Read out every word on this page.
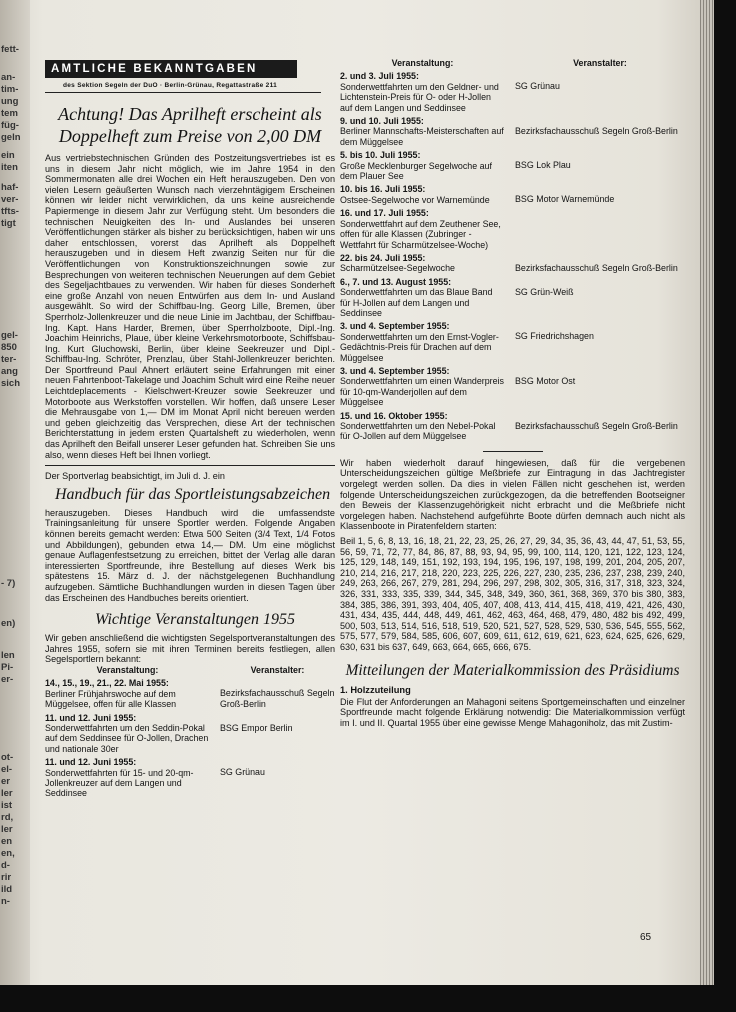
fett-
an-
tim-
ung
tem
füg-
geln
ein
iten
haf-
ver-
tfts-
tigt
gel-
850
ter-
ang
sich
- 7)
en)
len
Pi-
er-
ot-
el-
er
ler
ist
rd,
ler
en
en,
d-
rir
ild
n-
AMTLICHE BEKANNTGABEN
des Sektion Segeln der DuO · Berlin-Grünau, Regattastraße 211
Achtung! Das Aprilheft erscheint als Doppelheft zum Preise von 2,00 DM

Aus vertriebstechnischen Gründen des Postzeitungsvertriebes ist es uns in diesem Jahr nicht möglich, wie im Jahre 1954 in den Sommermonaten alle drei Wochen ein Heft herauszugeben. Den von vielen Lesern geäußerten Wunsch nach vierzehntägigem Erscheinen können wir leider nicht verwirklichen, da uns keine ausreichende Papiermenge in diesem Jahr zur Verfügung steht. Um besonders die technischen Neuigkeiten des In- und Auslandes bei unseren Veröffentlichungen stärker als bisher zu berücksichtigen, haben wir uns daher entschlossen, vorerst das Aprilheft als Doppelheft herauszugeben und in diesem Heft zwanzig Seiten nur für die Veröffentlichungen von Konstruktionszeichnungen sowie zur Besprechungen von weiteren technischen Neuerungen auf dem Gebiet des Segeljachtbaues zu verwenden. Wir haben für dieses Sonderheft eine große Anzahl von neuen Entwürfen aus dem In- und Ausland ausgewählt. So wird der Schiffbau-Ing. Georg Lille, Bremen, über Sperrholz-Jollenkreuzer und die neue Linie im Jachtbau, der Schiffbau-Ing. Kapt. Hans Harder, Bremen, über Sperrholzboote, Dipl.-Ing. Joachim Heinrichs, Plaue, über kleine Verkehrsmotorboote, Schiffsbau-Ing. Kurt Gluchowski, Berlin, über kleine Seekreuzer und Dipl.-Schiffbau-Ing. Schröter, Prenzlau, über Stahl-Jollenkreuzer berichten. Der Sportfreund Paul Ahnert erläutert seine Erfahrungen mit einer neuen Fahrtenboot-Takelage und Joachim Schult wird eine Reihe neuer Leichtdeplacements - Kielschwert-Kreuzer sowie Seekreuzer und Motorboote aus Werkstoffen vorstellen. Wir hoffen, daß unsere Leser die Mehrausgabe von 1,— DM im Monat April nicht bereuen werden und geben gleichzeitig das Versprechen, diese Art der technischen Berichterstattung in jedem ersten Quartalsheft zu wiederholen, wenn das Aprilheft den Beifall unserer Leser gefunden hat. Schreiben Sie uns also, wenn dieses Heft bei Ihnen vorliegt.

Der Sportverlag beabsichtigt, im Juli d. J. ein

Handbuch für das Sportleistungsabzeichen

herauszugeben. Dieses Handbuch wird die umfassendste Trainingsanleitung für unsere Sportler werden. Folgende Angaben können bereits gemacht werden: Etwa 500 Seiten (3/4 Text, 1/4 Fotos und Abbildungen), gebunden etwa 14,— DM. Um eine möglichst genaue Auflagenfestsetzung zu erreichen, bittet der Verlag alle daran interessierten Sportfreunde, ihre Bestellung auf dieses Werk bis spätestens 15. März d. J. der nächstgelegenen Buchhandlung aufzugeben. Sämtliche Buchhandlungen wurden in diesen Tagen über das Erscheinen des Handbuches bereits orientiert.

Wichtige Veranstaltungen 1955

Wir geben anschließend die wichtigsten Segelsportveranstaltungen des Jahres 1955, sofern sie mit ihren Terminen bereits festliegen, allen Segelsportlern bekannt:

Veranstaltung:	Veranstalter:
14., 15., 19., 21., 22. Mai 1955:
Berliner Frühjahrswoche auf dem Müggelsee, offen für alle Klassen	Bezirksfachausschuß Segeln Groß-Berlin
11. und 12. Juni 1955:
Sonderwettfahrten um den Seddin-Pokal auf dem Seddinsee für O-Jollen, Drachen und nationale 30er	BSG Empor Berlin
11. und 12. Juni 1955:
Sonderwettfahrten für 15- und 20-qm-Jollenkreuzer auf dem Langen und Seddinsee	SG Grünau
Veranstaltung:	Veranstalter:
2. und 3. Juli 1955:
Sonderwettfahrten um den Geldner- und Lichtenstein-Preis für O- oder H-Jollen auf dem Langen und Seddinsee	SG Grünau
9. und 10. Juli 1955:
Berliner Mannschafts-Meisterschaften auf dem Müggelsee	Bezirksfachausschuß Segeln Groß-Berlin
5. bis 10. Juli 1955:
Große Mecklenburger Segelwoche auf dem Plauer See	BSG Lok Plau
10. bis 16. Juli 1955:
Ostsee-Segelwoche vor Warnemünde	BSG Motor Warnemünde
16. und 17. Juli 1955:
Sonderwettfahrt auf dem Zeuthener See, offen für alle Klassen (Zubringer - Wettfahrt für Scharmützelsee-Woche)	

22. bis 24. Juli 1955:
Scharmützelsee-Segelwoche	Bezirksfachausschuß Segeln Groß-Berlin
6., 7. und 13. August 1955:
Sonderwettfahrten um das Blaue Band für H-Jollen auf dem Langen und Seddinsee	SG Grün-Weiß
3. und 4. September 1955:
Sonderwettfahrten um den Ernst-Vogler-Gedächtnis-Preis für Drachen auf dem Müggelsee	SG Friedrichshagen
3. und 4. September 1955:
Sonderwettfahrten um einen Wanderpreis für 10-qm-Wanderjollen auf dem Müggelsee	BSG Motor Ost
15. und 16. Oktober 1955:
Sonderwettfahrten um den Nebel-Pokal für O-Jollen auf dem Müggelsee	Bezirksfachausschuß Segeln Groß-Berlin

Wir haben wiederholt darauf hingewiesen, daß für die vergebenen Unterscheidungszeichen gültige Meßbriefe zur Eintragung in das Jachtregister vorgelegt werden sollen. Da dies in vielen Fällen nicht geschehen ist, werden folgende Unterscheidungszeichen zurückgezogen, da die betreffenden Bootseigner den Beweis der Klassenzugehörigkeit nicht erbracht und die Meßbriefe nicht vorgelegen haben. Nachstehend aufgeführte Boote dürfen demnach auch nicht als Klassenboote in Piratenfeldern starten:

Beil 1, 5, 6, 8, 13, 16, 18, 21, 22, 23, 25, 26, 27, 29, 34, 35, 36, 43, 44, 47, 51, 53, 55, 56, 59, 71, 72, 77, 84, 86, 87, 88, 93, 94, 95, 99, 100, 114, 120, 121, 122, 123, 124, 125, 129, 148, 149, 151, 192, 193, 194, 195, 196, 197, 198, 199, 201, 204, 205, 207, 210, 214, 216, 217, 218, 220, 223, 225, 226, 227, 230, 235, 236, 237, 238, 239, 240, 249, 263, 266, 267, 279, 281, 294, 296, 297, 298, 302, 305, 316, 317, 318, 323, 324, 326, 331, 333, 335, 339, 344, 345, 348, 349, 360, 361, 368, 369, 370 bis 380, 383, 384, 385, 386, 391, 393, 404, 405, 407, 408, 413, 414, 415, 418, 419, 421, 426, 430, 431, 434, 435, 444, 448, 449, 461, 462, 463, 464, 468, 479, 480, 482 bis 492, 499, 500, 503, 513, 514, 516, 518, 519, 520, 521, 527, 528, 529, 530, 536, 545, 555, 562, 575, 577, 579, 584, 585, 606, 607, 609, 611, 612, 619, 621, 623, 624, 625, 626, 629, 630, 631 bis 637, 649, 663, 664, 665, 666, 675.

Mitteilungen der Materialkommission des Präsidiums
1. Holzzuteilung

Die Flut der Anforderungen an Mahagoni seitens Sportgemeinschaften und einzelner Sportfreunde macht folgende Erklärung notwendig: Die Materialkommission verfügt im I. und II. Quartal 1955 über eine gewisse Menge Mahagoniholz, das mit Zustim-

65
